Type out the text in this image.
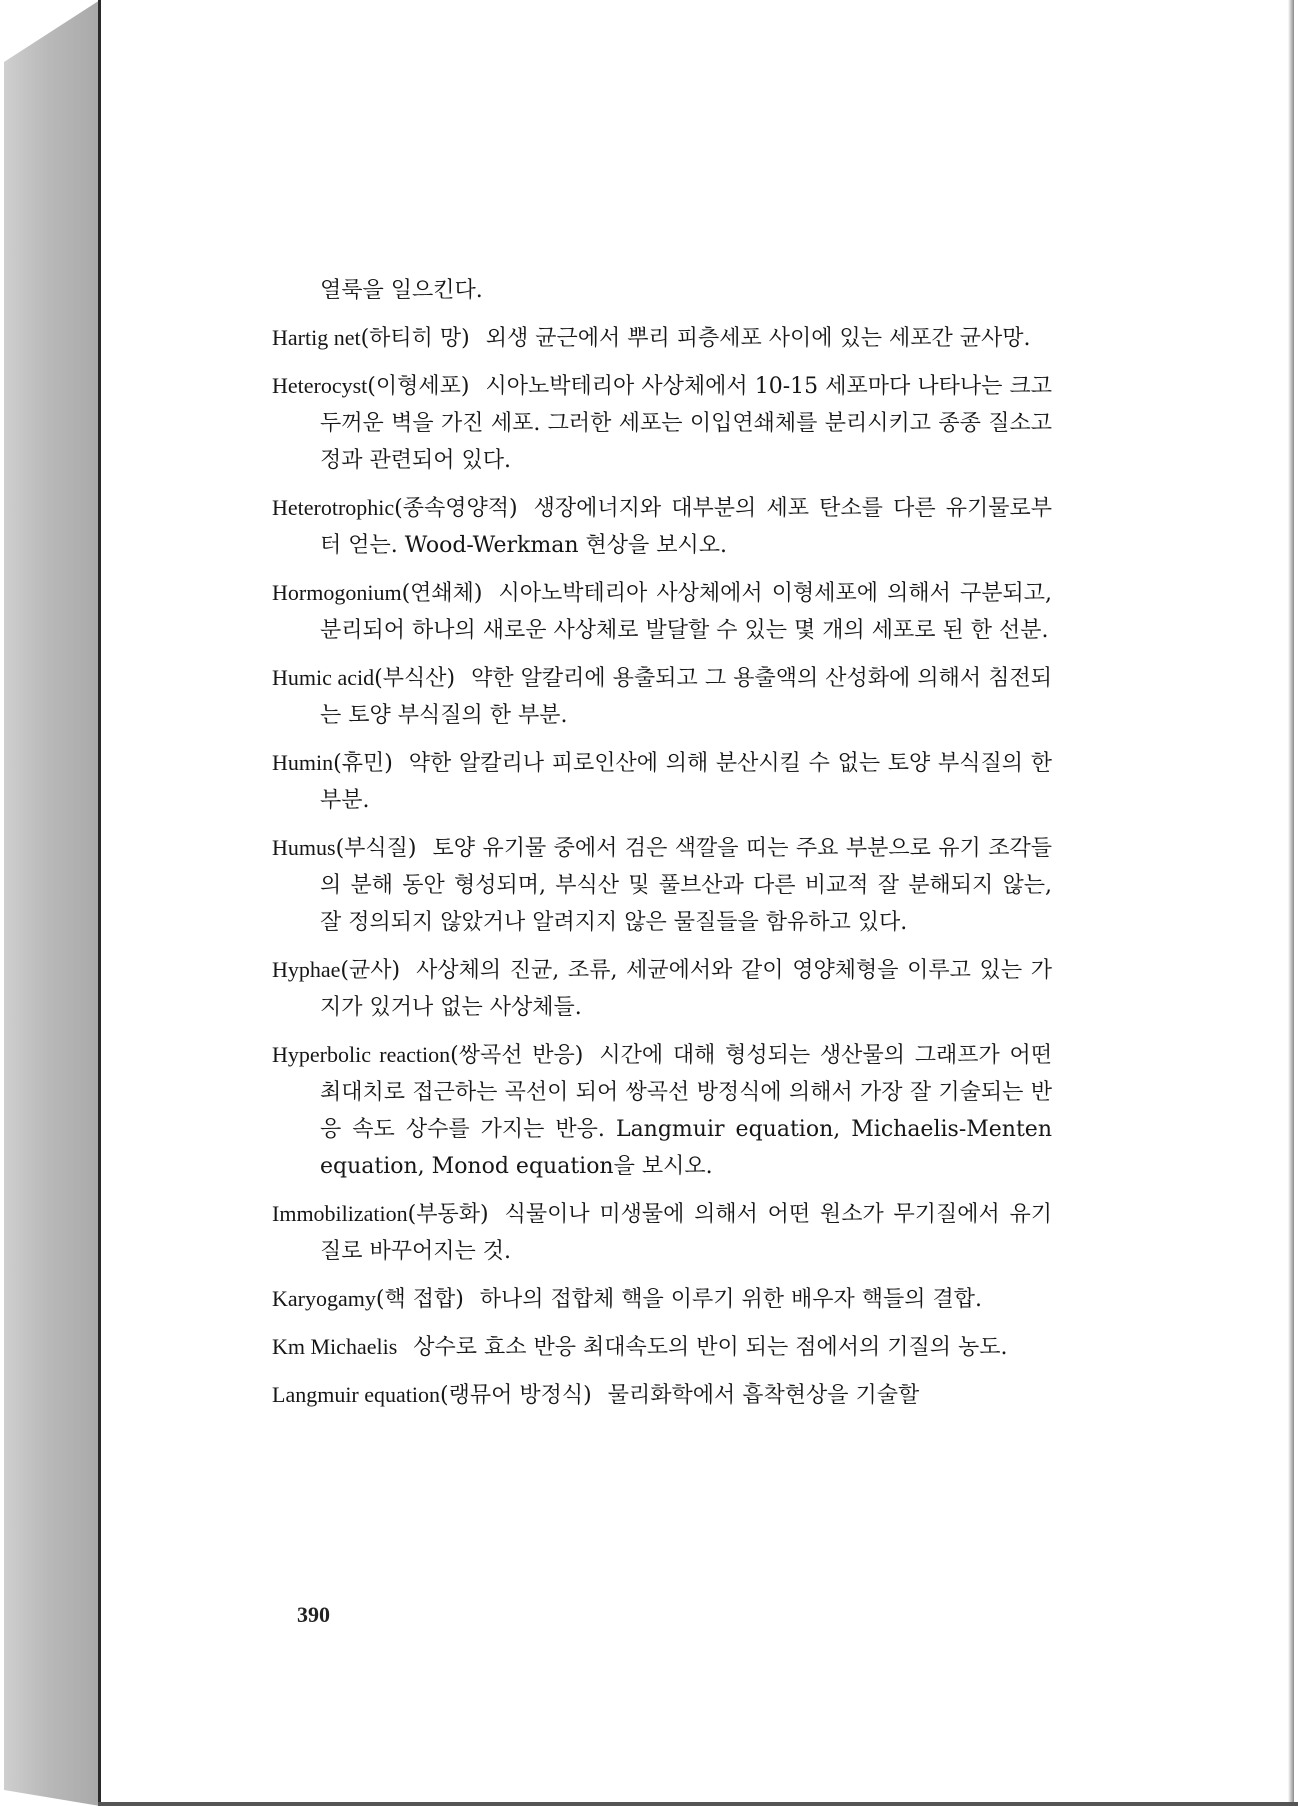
열룩을 일으킨다.

Hartig net(하티히 망) 외생 균근에서 뿌리 피층세포 사이에 있는 세포간 균사망.

Heterocyst(이형세포) 시아노박테리아 사상체에서 10-15 세포마다 나타나는 크고 두꺼운 벽을 가진 세포. 그러한 세포는 이입연쇄체를 분리시키고 종종 질소고정과 관련되어 있다.

Heterotrophic(종속영양적) 생장에너지와 대부분의 세포 탄소를 다른 유기물로부터 얻는. Wood-Werkman 현상을 보시오.

Hormogonium(연쇄체) 시아노박테리아 사상체에서 이형세포에 의해서 구분되고, 분리되어 하나의 새로운 사상체로 발달할 수 있는 몇 개의 세포로 된 한 선분.

Humic acid(부식산) 약한 알칼리에 용출되고 그 용출액의 산성화에 의해서 침전되는 토양 부식질의 한 부분.

Humin(휴민) 약한 알칼리나 피로인산에 의해 분산시킬 수 없는 토양 부식질의 한 부분.

Humus(부식질) 토양 유기물 중에서 검은 색깔을 띠는 주요 부분으로 유기 조각들의 분해 동안 형성되며, 부식산 및 풀브산과 다른 비교적 잘 분해되지 않는, 잘 정의되지 않았거나 알려지지 않은 물질들을 함유하고 있다.

Hyphae(균사) 사상체의 진균, 조류, 세균에서와 같이 영양체형을 이루고 있는 가지가 있거나 없는 사상체들.

Hyperbolic reaction(쌍곡선 반응) 시간에 대해 형성되는 생산물의 그래프가 어떤 최대치로 접근하는 곡선이 되어 쌍곡선 방정식에 의해서 가장 잘 기술되는 반응 속도 상수를 가지는 반응. Langmuir equation, Michaelis-Menten equation, Monod equation을 보시오.

Immobilization(부동화) 식물이나 미생물에 의해서 어떤 원소가 무기질에서 유기질로 바꾸어지는 것.

Karyogamy(핵 접합) 하나의 접합체 핵을 이루기 위한 배우자 핵들의 결합.

Km Michaelis 상수로 효소 반응 최대속도의 반이 되는 점에서의 기질의 농도.

Langmuir equation(랭뮤어 방정식) 물리화학에서 흡착현상을 기술할

390
